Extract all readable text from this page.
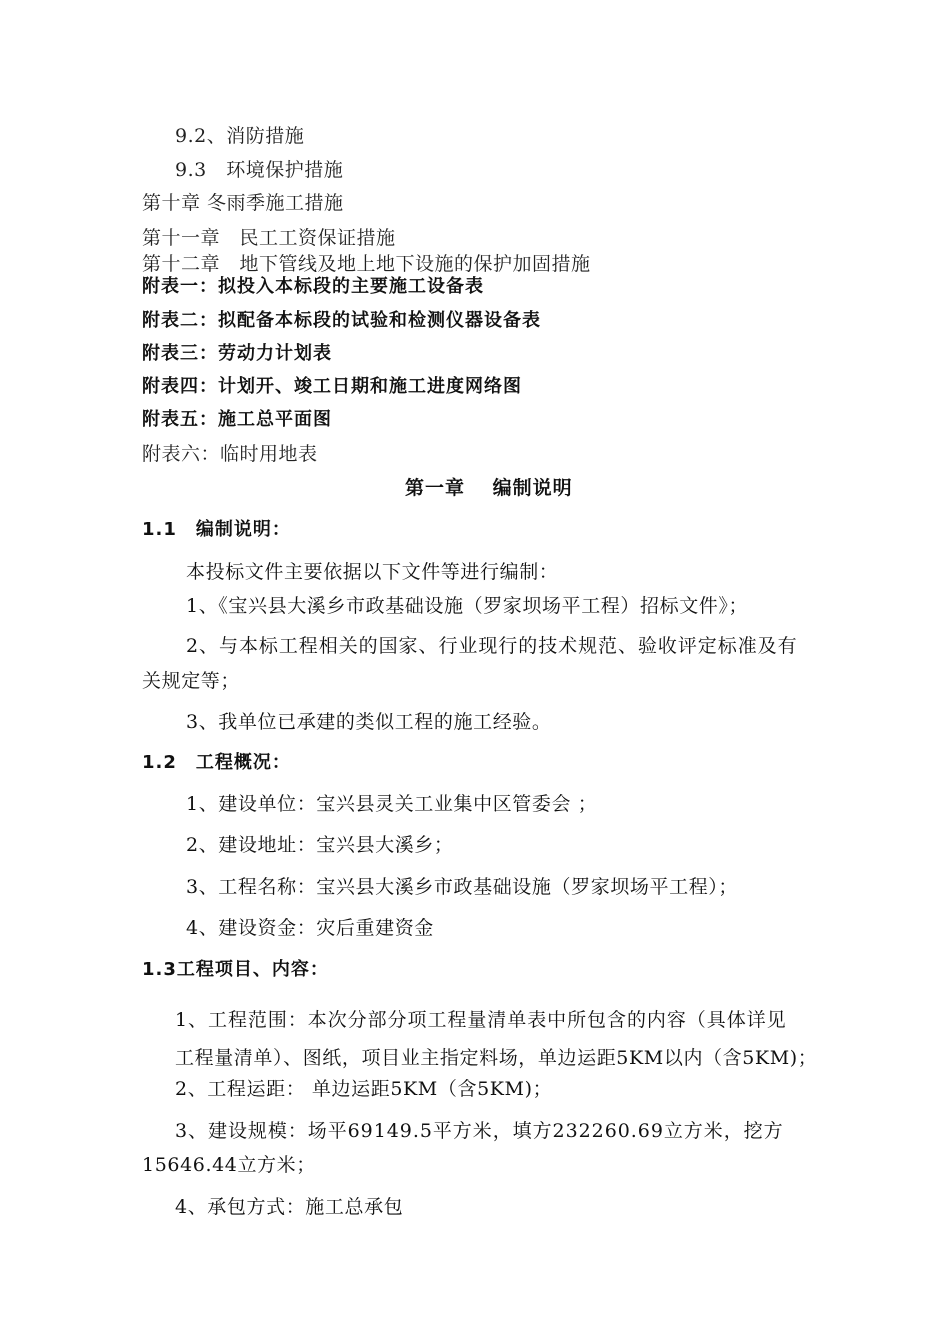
9.2、消防措施
9.3　环境保护措施
第十章 冬雨季施工措施
第十一章　民工工资保证措施
第十二章　地下管线及地上地下设施的保护加固措施
附表一：拟投入本标段的主要施工设备表
附表二：拟配备本标段的试验和检测仪器设备表
附表三：劳动力计划表
附表四：计划开、竣工日期和施工进度网络图
附表五：施工总平面图
附表六：临时用地表
第一章　 编制说明
1.1　编制说明：
本投标文件主要依据以下文件等进行编制：
1、《宝兴县大溪乡市政基础设施（罗家坝场平工程）招标文件》；
2、与本标工程相关的国家、行业现行的技术规范、验收评定标准及有
关规定等；
3、我单位已承建的类似工程的施工经验。
1.2　工程概况：
1、建设单位：宝兴县灵关工业集中区管委会 ；
2、建设地址：宝兴县大溪乡；
3、工程名称：宝兴县大溪乡市政基础设施（罗家坝场平工程）；
4、建设资金：灾后重建资金
1.3工程项目、内容：
1、工程范围：本次分部分项工程量清单表中所包含的内容（具体详见
工程量清单）、图纸，项目业主指定料场，单边运距5KM以内（含5KM)；
2、工程运距： 单边运距5KM（含5KM)；
3、建设规模：场平69149.5平方米，填方232260.69立方米，挖方
15646.44立方米；
4、承包方式：施工总承包
